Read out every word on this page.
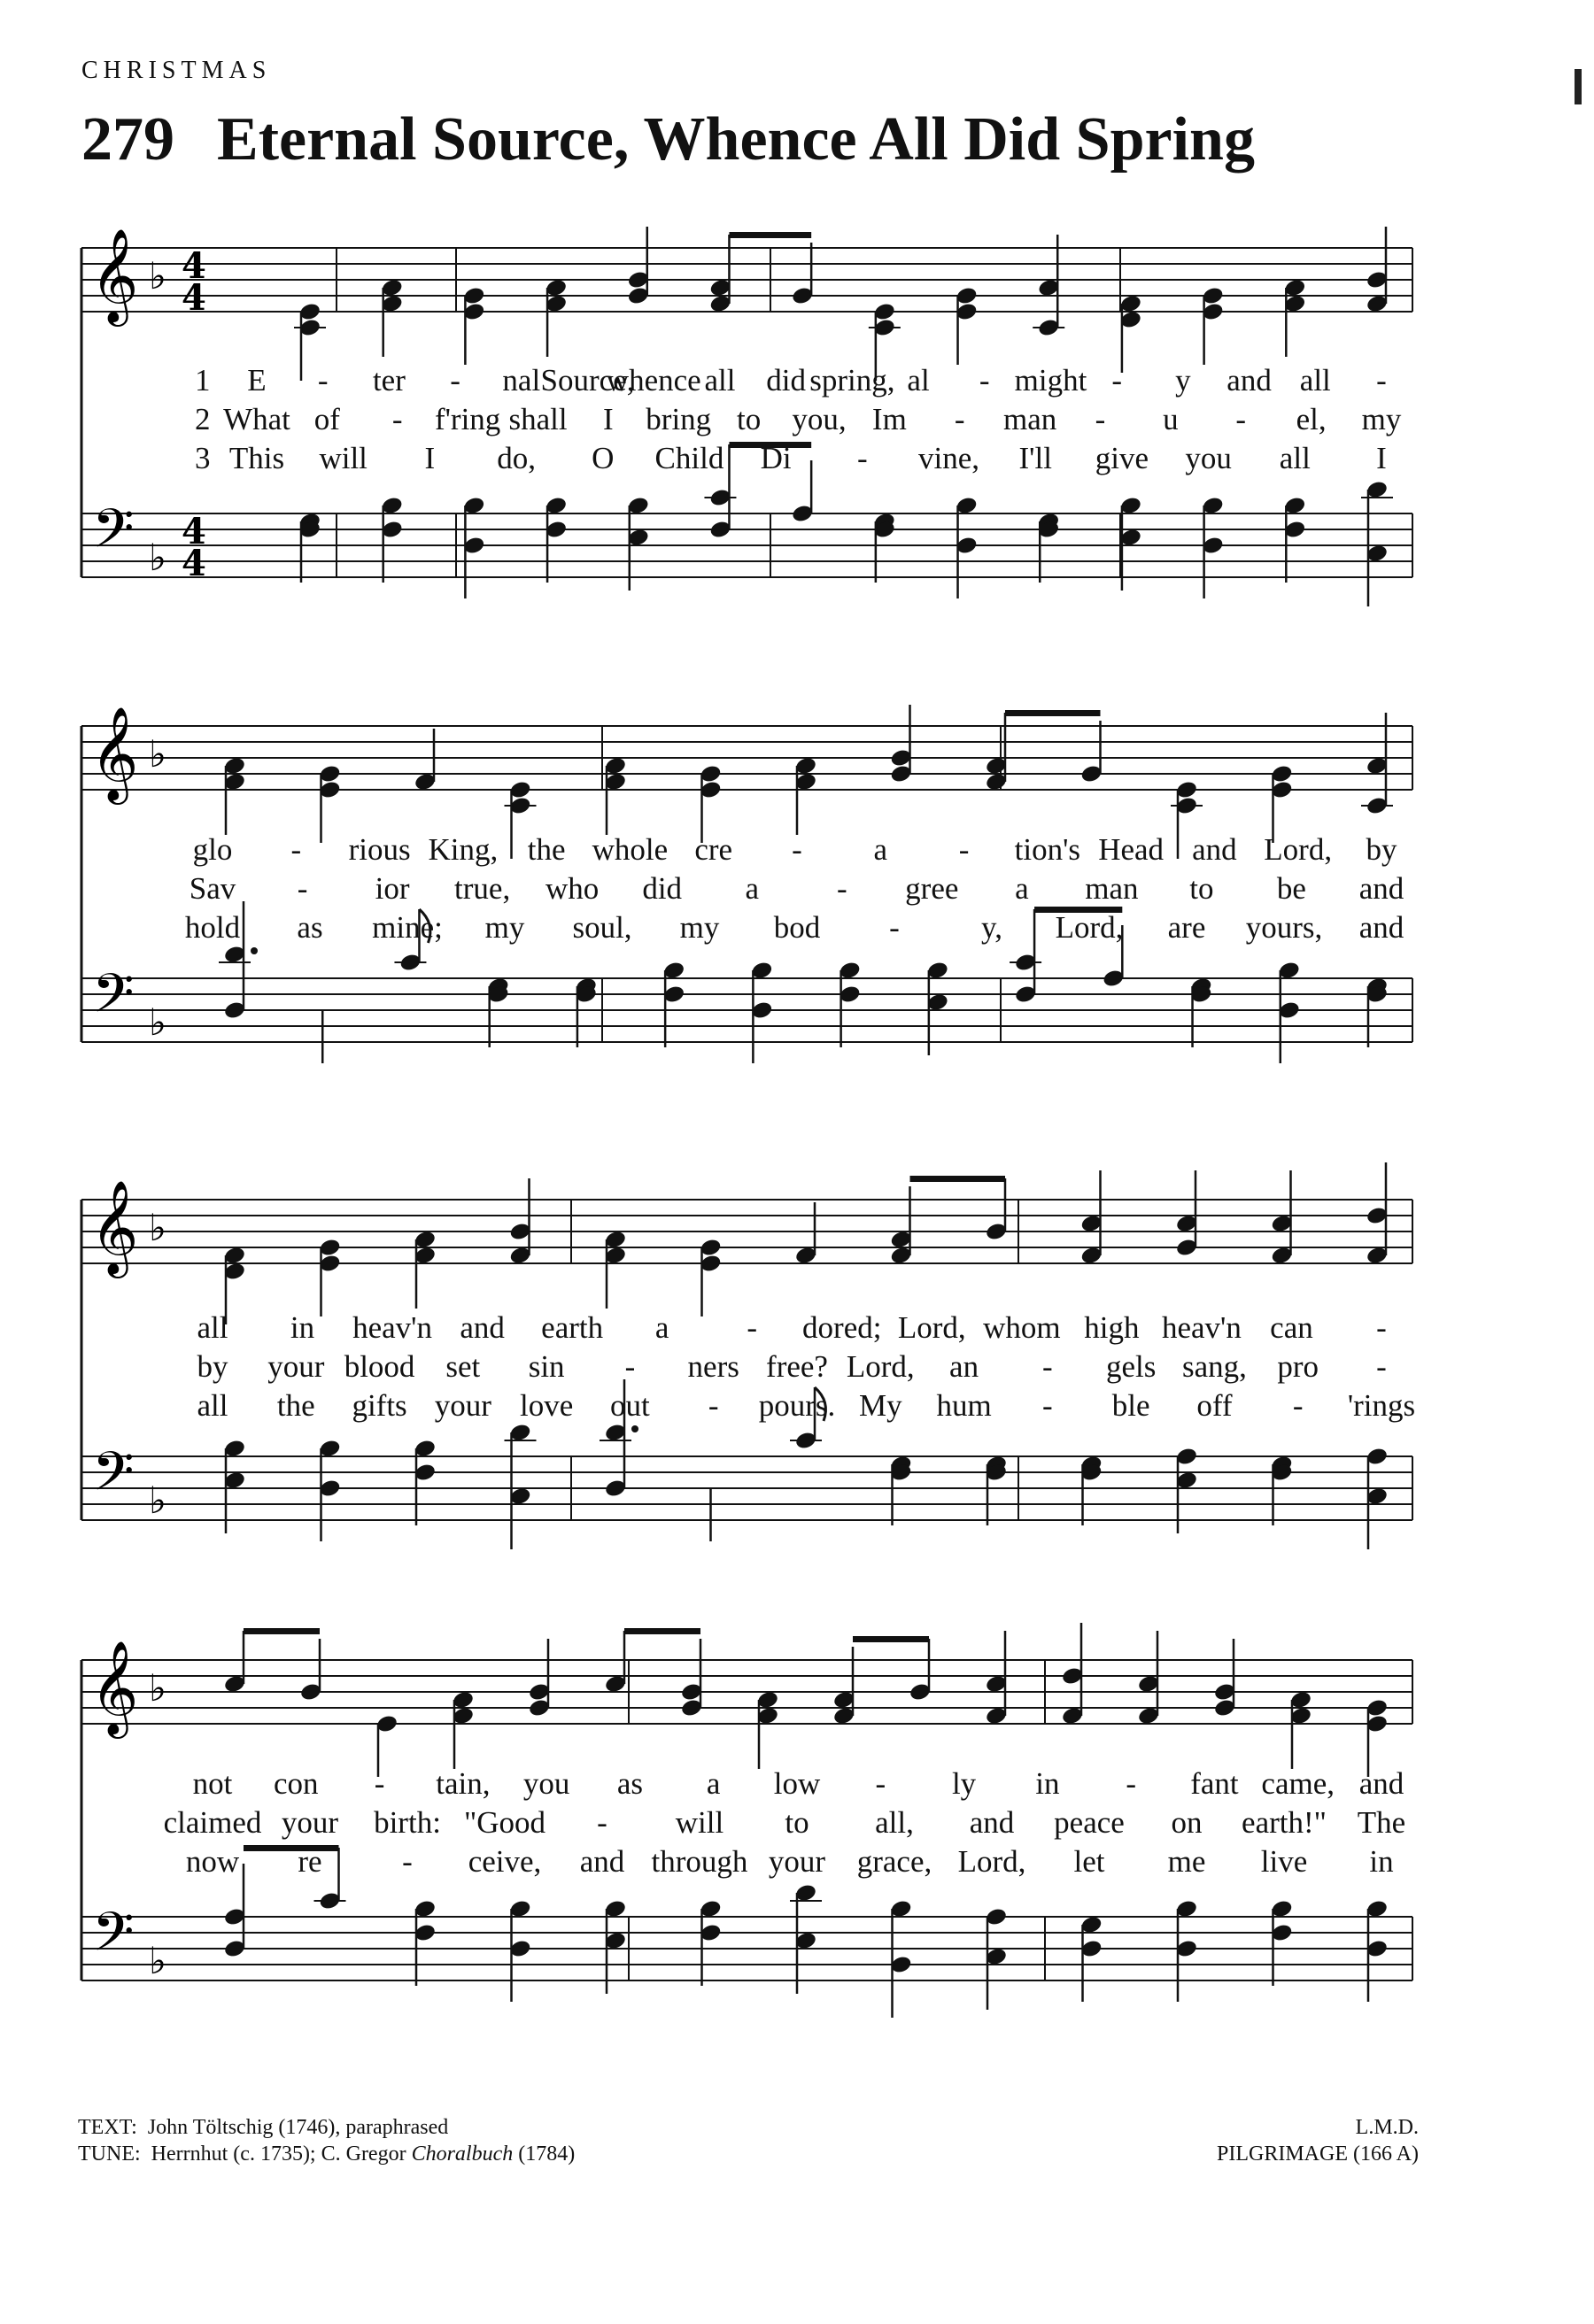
CHRISTMAS
279 Eternal Source, Whence All Did Spring
𝄞
𝄢
♭
♭
4
4
4
4
1 E - ter - nal Source,
whence all did spring, al - might - y and all -
2 What of - f'ring shall I bring to you, Im - man - u - el, my
3 This will I do, O Child Di - vine, I'll give you all I
𝄞
𝄢
♭
♭
glo - rious King, the whole cre - a - tion's Head and Lord, by
Sav - ior true, who did a	- gree a man to be and
hold as mine; my soul, my bod -	y, Lord, are yours, and
𝄞
𝄢
♭
♭
all in heav'n and earth a	- dored; Lord, whom high heav'n can -
by your blood set sin - ners free? Lord, an - gels sang, pro -
all the gifts your love out - pours. My hum - ble off - 'rings
𝄞
𝄢
♭
♭
not con - tain, you as a low - ly in - fant came, and
claimed your birth: "Good - will to all, and peace on earth!" The
now re	- ceive, and through your grace, Lord, let me live in
TEXT: John Töltschig (1746), paraphrased
TUNE: Herrnhut (c. 1735); C. Gregor Choralbuch (1784)
L.M.D.
PILGRIMAGE (166 A)
